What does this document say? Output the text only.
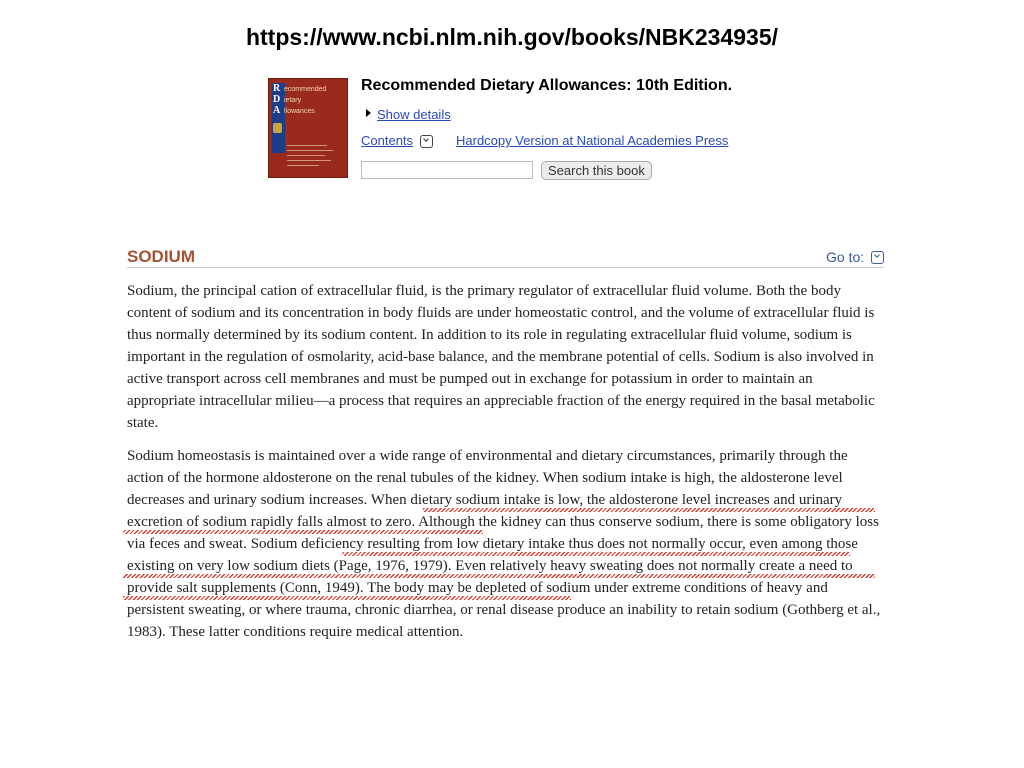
https://www.ncbi.nlm.nih.gov/books/NBK234935/
R
D
A
ecommended
ietary
llowances
Recommended Dietary Allowances: 10th Edition.
Show details
Contents	Hardcopy Version at National Academies Press
Search this book
SODIUM	Go to:
Sodium, the principal cation of extracellular fluid, is the primary regulator of extracellular fluid volume. Both the body content of sodium and its concentration in body fluids are under homeostatic control, and the volume of extracellular fluid is thus normally determined by its sodium content. In addition to its role in regulating extracellular fluid volume, sodium is important in the regulation of osmolarity, acid-base balance, and the membrane potential of cells. Sodium is also involved in active transport across cell membranes and must be pumped out in exchange for potassium in order to maintain an appropriate intracellular milieu—a process that requires an appreciable fraction of the energy required in the basal metabolic state.
Sodium homeostasis is maintained over a wide range of environmental and dietary circumstances, primarily through the action of the hormone aldosterone on the renal tubules of the kidney. When sodium intake is high, the aldosterone level decreases and urinary sodium increases. When dietary sodium intake is low, the aldosterone level increases and urinary excretion of sodium rapidly falls almost to zero. Although the kidney can thus conserve sodium, there is some obligatory loss via feces and sweat. Sodium deficiency resulting from low dietary intake thus does not normally occur, even among those existing on very low sodium diets (Page, 1976, 1979). Even relatively heavy sweating does not normally create a need to provide salt supplements (Conn, 1949). The body may be depleted of sodium under extreme conditions of heavy and persistent sweating, or where trauma, chronic diarrhea, or renal disease produce an inability to retain sodium (Gothberg et al., 1983). These latter conditions require medical attention.
